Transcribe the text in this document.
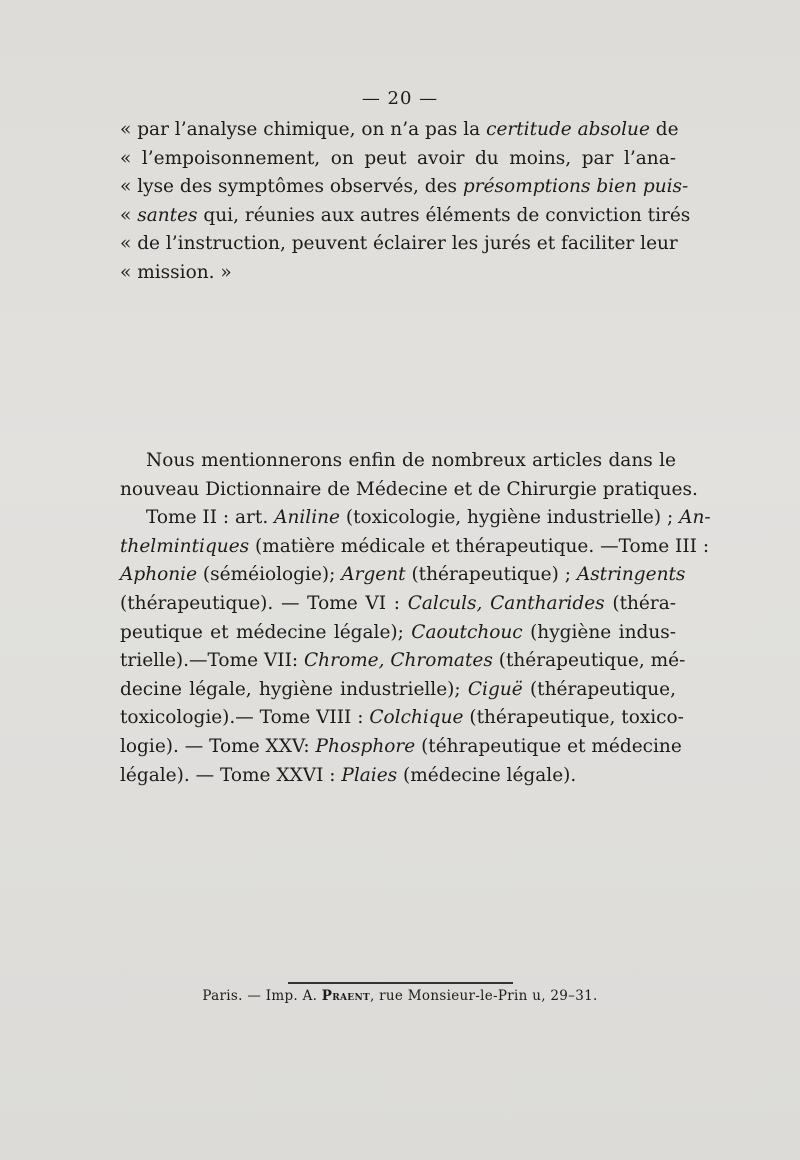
— 20 —
« par l’analyse chimique, on n’a pas la certitude absolue de
« l’empoisonnement, on peut avoir du moins, par l’ana-
« lyse des symptômes observés, des présomptions bien puis-
« santes qui, réunies aux autres éléments de conviction tirés
« de l’instruction, peuvent éclairer les jurés et faciliter leur
« mission. »
Nous mentionnerons enfin de nombreux articles dans le
nouveau Dictionnaire de Médecine et de Chirurgie pratiques.
Tome II : art. Aniline (toxicologie, hygiène industrielle) ; An-
thelmintiques (matière médicale et thérapeutique. —Tome III :
Aphonie (séméiologie); Argent (thérapeutique) ; Astringents
(thérapeutique). — Tome VI : Calculs, Cantharides (théra-
peutique et médecine légale); Caoutchouc (hygiène indus-
trielle).—Tome VII: Chrome, Chromates (thérapeutique, mé-
decine légale, hygiène industrielle); Ciguë (thérapeutique,
toxicologie).— Tome VIII : Colchique (thérapeutique, toxico-
logie). — Tome XXV: Phosphore (téhrapeutique et médecine
légale). — Tome XXVI : Plaies (médecine légale).
Paris. — Imp. A. Praent, rue Monsieur-le-Prin u, 29–31.
